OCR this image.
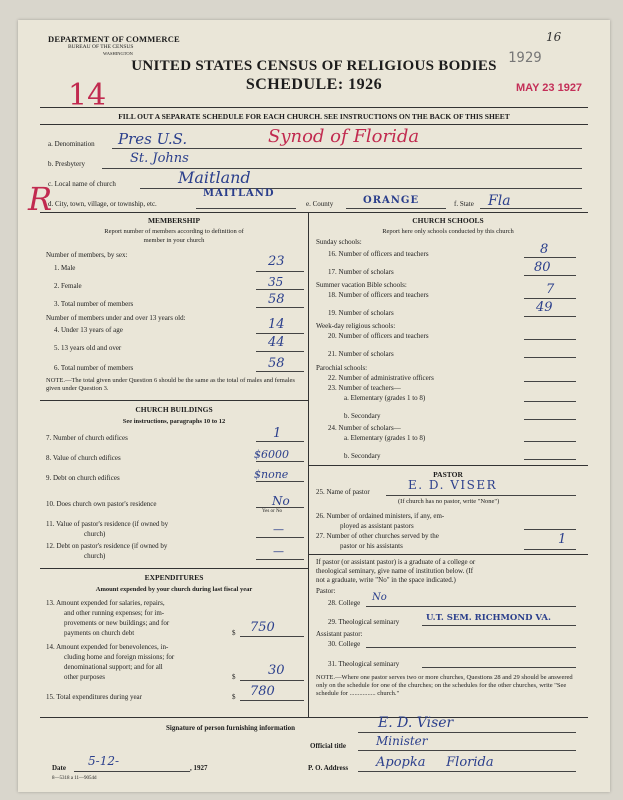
DEPARTMENT OF COMMERCE
BUREAU OF THE CENSUS
WASHINGTON	1929
16
UNITED STATES CENSUS OF RELIGIOUS BODIES
SCHEDULE: 1926	MAY 23 1927
14
FILL OUT A SEPARATE SCHEDULE FOR EACH CHURCH. SEE INSTRUCTIONS ON THE BACK OF THIS SHEET
a. Denomination Pres U.S.	Synod of Florida
b. Presbytery	St. Johns
c. Local name of church	Maitland
R
d. City, town, village, or township, etc.
MAITLAND
e. County	ORANGE	f. State Fla
MEMBERSHIP
Report number of members according to definition of
member in your church
Number of members, by sex:
1. Male	23
2. Female	35
3. Total number of members	58
Number of members under and over 13 years old:
4. Under 13 years of age	14
5. 13 years old and over	44
6. Total number of members	58
NOTE.—The total given under Question 6 should be the same as the total of males and females given under Question 3.
CHURCH BUILDINGS
See instructions, paragraphs 10 to 12
7. Number of church edifices	1
8. Value of church edifices	$6000
9. Debt on church edifices	$none
10. Does church own pastor's residence	No
Yes or No
11. Value of pastor's residence (if owned by
church)	—
12. Debt on pastor's residence (if owned by
church)	—
EXPENDITURES
Amount expended by your church during last fiscal year
13. Amount expended for salaries, repairs,
and other running expenses; for im-
provements or new buildings; and for
payments on church debt	$ 750
14. Amount expended for benevolences, in-
cluding home and foreign missions; for
denominational support; and for all
other purposes	$	30
15. Total expenditures during year	$ 780
CHURCH SCHOOLS
Report here only schools conducted by this church
Sunday schools:
16. Number of officers and teachers	8
17. Number of scholars	80
Summer vacation Bible schools:
18. Number of officers and teachers	7
19. Number of scholars	49
Week-day religious schools:
20. Number of officers and teachers
21. Number of scholars
Parochial schools:
22. Number of administrative officers
23. Number of teachers—
a. Elementary (grades 1 to 8)
b. Secondary
24. Number of scholars—
a. Elementary (grades 1 to 8)
b. Secondary
PASTOR
25. Name of pastor	E. D. VISER
(If church has no pastor, write "None")
26. Number of ordained ministers, if any, em-
ployed as assistant pastors
27. Number of other churches served by the
pastor or his assistants	1
If pastor (or assistant pastor) is a graduate of a college or
theological seminary, give name of institution below. (If
not a graduate, write "No" in the space indicated.)
Pastor:
28. College No
29. Theological seminary	U.T. SEM. RICHMOND VA.
Assistant pastor:
30. College
31. Theological seminary
NOTE.—Where one pastor serves two or more churches, Questions 28 and 29 should be answered only on the schedule for one of the churches; on the schedules for the other churches, write "See schedule for ................ church."
Signature of person furnishing information	E. D. Viser
Official title	Minister
Date 5-12-	, 1927	P. O. Address Apopka     Florida
8—5318 a 11—9054d
